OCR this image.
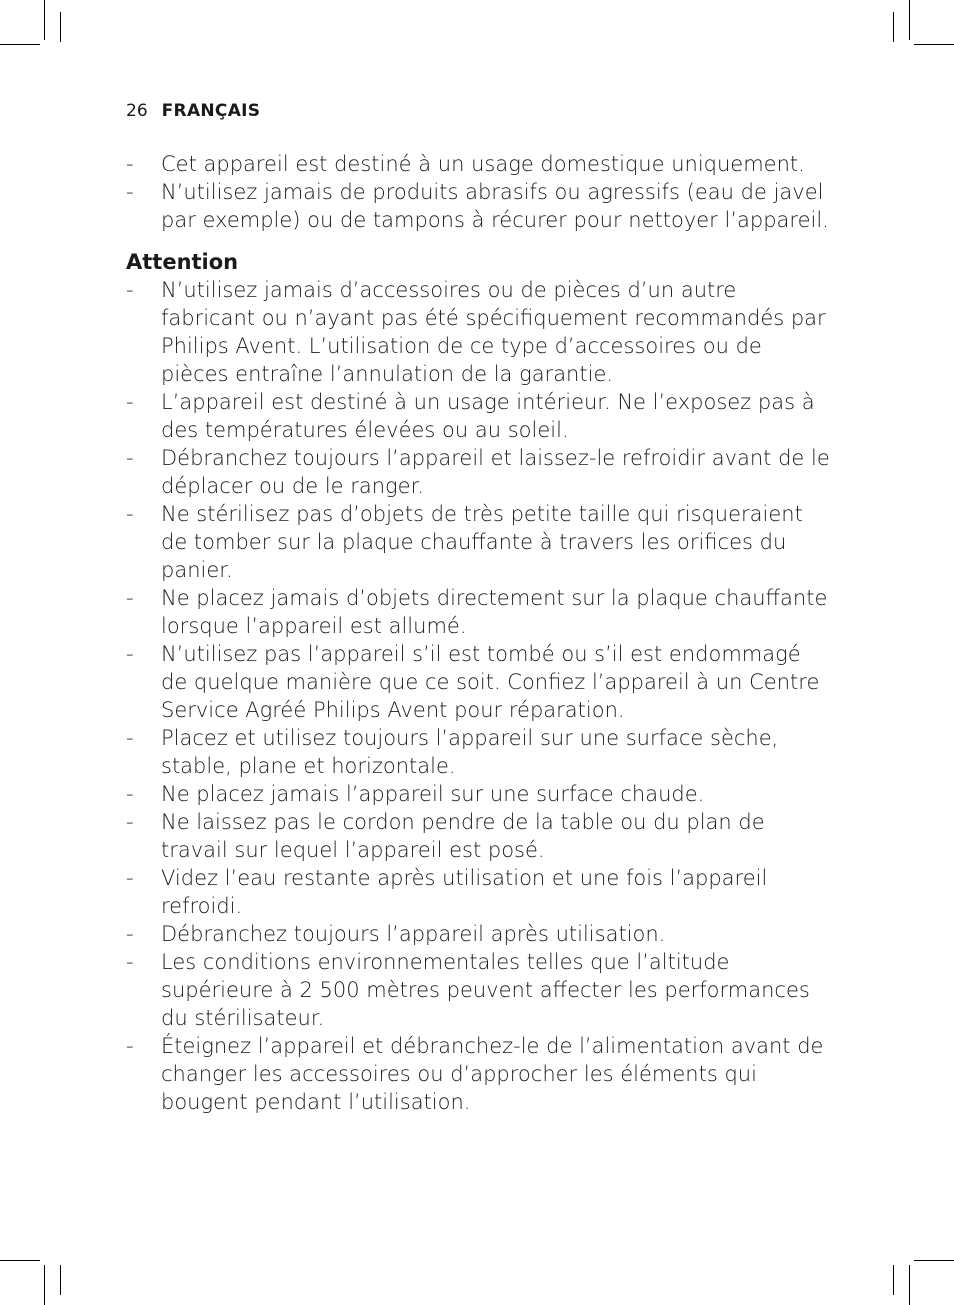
26 FRANÇAIS
- Cet appareil est destiné à un usage domestique uniquement.
- N’utilisez jamais de produits abrasifs ou agressifs (eau de javel par exemple) ou de tampons à récurer pour nettoyer l’appareil.
Attention
- N’utilisez jamais d’accessoires ou de pièces d’un autre fabricant ou n’ayant pas été spécifiquement recommandés par Philips Avent. L’utilisation de ce type d’accessoires ou de pièces entraîne l’annulation de la garantie.
- L’appareil est destiné à un usage intérieur. Ne l’exposez pas à des températures élevées ou au soleil.
- Débranchez toujours l’appareil et laissez-le refroidir avant de le déplacer ou de le ranger.
- Ne stérilisez pas d’objets de très petite taille qui risqueraient de tomber sur la plaque chauffante à travers les orifices du panier.
- Ne placez jamais d’objets directement sur la plaque chauffante lorsque l’appareil est allumé.
- N’utilisez pas l’appareil s’il est tombé ou s’il est endommagé de quelque manière que ce soit. Confiez l’appareil à un Centre Service Agréé Philips Avent pour réparation.
- Placez et utilisez toujours l’appareil sur une surface sèche, stable, plane et horizontale.
- Ne placez jamais l’appareil sur une surface chaude.
- Ne laissez pas le cordon pendre de la table ou du plan de travail sur lequel l’appareil est posé.
- Videz l’eau restante après utilisation et une fois l’appareil refroidi.
- Débranchez toujours l’appareil après utilisation.
- Les conditions environnementales telles que l’altitude supérieure à 2 500 mètres peuvent affecter les performances du stérilisateur.
- Éteignez l’appareil et débranchez-le de l’alimentation avant de changer les accessoires ou d’approcher les éléments qui bougent pendant l’utilisation.
